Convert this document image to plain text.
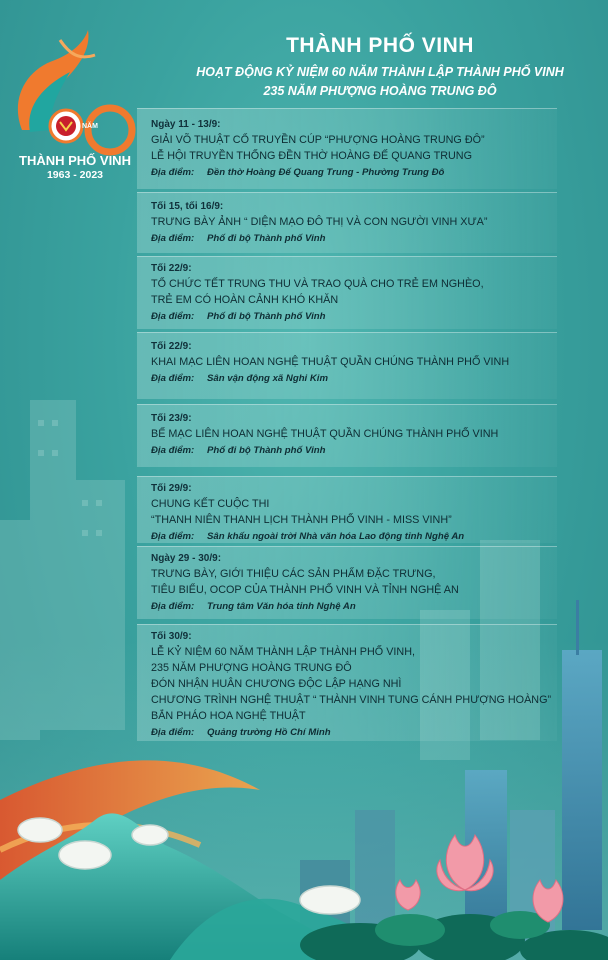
NĂM
THÀNH PHỐ VINH
1963 - 2023
THÀNH PHỐ VINH
HOẠT ĐỘNG KỶ NIỆM 60 NĂM THÀNH LẬP THÀNH PHỐ VINH
235 NĂM PHƯỢNG HOÀNG TRUNG ĐÔ
Ngày 11 - 13/9:
GIẢI VÕ THUẬT CỔ TRUYỀN CÚP “PHƯỢNG HOÀNG TRUNG ĐÔ”
LỄ HỘI TRUYỀN THỐNG ĐỀN THỜ HOÀNG ĐẾ QUANG TRUNG
Địa điểm: Đền thờ Hoàng Đế Quang Trung - Phường Trung Đô
Tối 15, tối 16/9:
TRƯNG BÀY ẢNH “ DIỆN MẠO ĐÔ THỊ VÀ CON NGƯỜI VINH XƯA”
Địa điểm: Phố đi bộ Thành phố Vinh
Tối 22/9:
TỔ CHỨC TẾT TRUNG THU VÀ TRAO QUÀ CHO TRẺ EM NGHÈO,
TRẺ EM CÓ HOÀN CẢNH KHÓ KHĂN
Địa điểm: Phố đi bộ Thành phố Vinh
Tối 22/9:
KHAI MẠC LIÊN HOAN NGHỆ THUẬT QUẦN CHÚNG THÀNH PHỐ VINH
Địa điểm: Sân vận động xã Nghi Kim
Tối 23/9:
BẾ MẠC LIÊN HOAN NGHỆ THUẬT QUẦN CHÚNG THÀNH PHỐ VINH
Địa điểm: Phố đi bộ Thành phố Vinh
Tối 29/9:
CHUNG KẾT CUỘC THI
“THANH NIÊN THANH LỊCH THÀNH PHỐ VINH - MISS VINH”
Địa điểm: Sân khấu ngoài trời Nhà văn hóa Lao động tỉnh Nghệ An
Ngày 29 - 30/9:
TRƯNG BÀY, GIỚI THIỆU CÁC SẢN PHẨM ĐẶC TRƯNG,
TIÊU BIỂU, OCOP CỦA THÀNH PHỐ VINH VÀ TỈNH NGHỆ AN
Địa điểm: Trung tâm Văn hóa tỉnh Nghệ An
Tối 30/9:
LỄ KỶ NIỆM 60 NĂM THÀNH LẬP THÀNH PHỐ VINH,
235 NĂM PHƯỢNG HOÀNG TRUNG ĐÔ
ĐÓN NHẬN HUÂN CHƯƠNG ĐỘC LẬP HẠNG NHÌ
CHƯƠNG TRÌNH NGHỆ THUẬT “ THÀNH VINH TUNG CÁNH PHƯỢNG HOÀNG”
BẮN PHÁO HOA NGHỆ THUẬT
Địa điểm: Quảng trường Hồ Chí Minh
